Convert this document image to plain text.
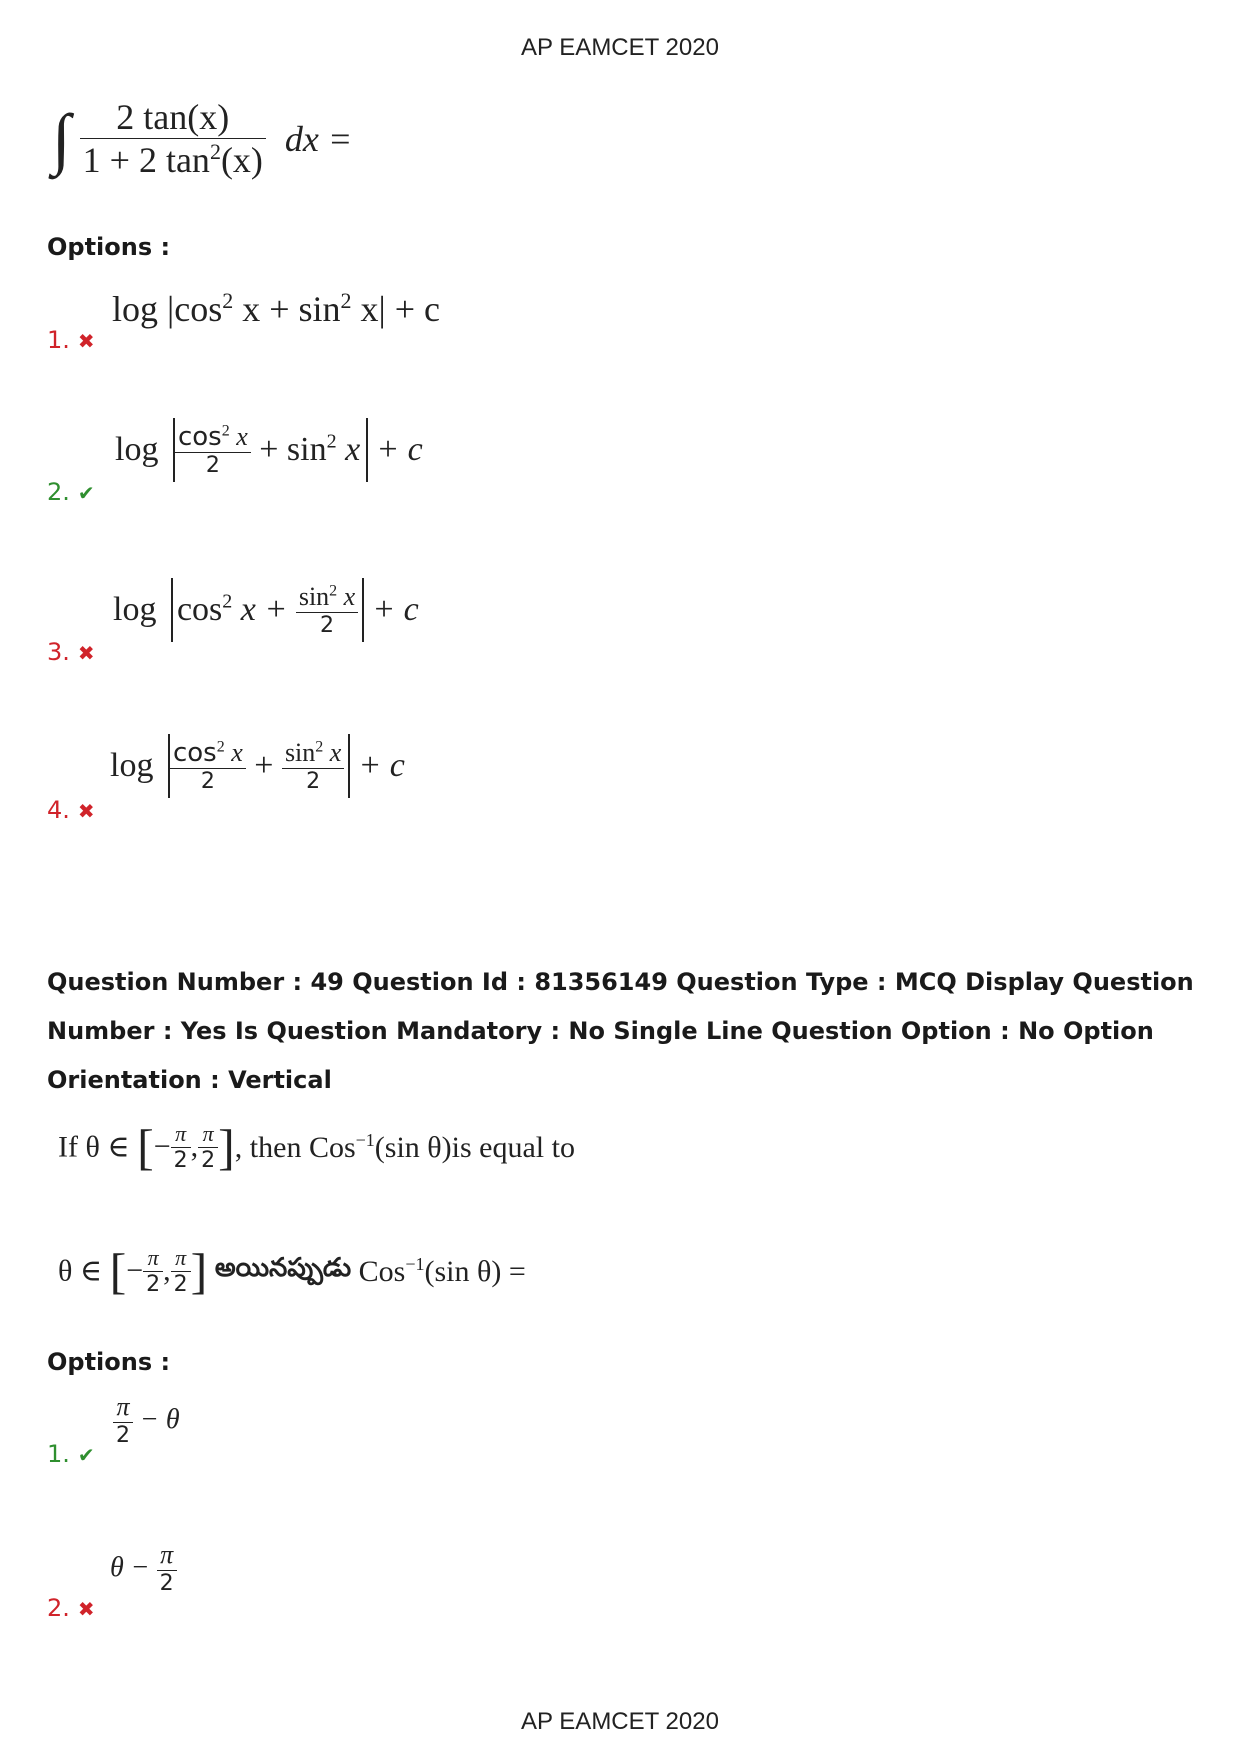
AP EAMCET 2020
∫ $\frac{2 \tan(x)}{1 + 2 \tan^2(x)}$ dx =
Options :
$\log |\cos^2$ $x + \sin^2 x| + c$
1. ✖
$\log \frac{\cos^2 x}{2} + \sin^2 x + c$
2. ✔
$\log \cos^2 x + \frac{\sin^2 x}{2} + c$
3. ✖
$\log \frac{\cos^2 x}{2} + \frac{\sin^2 x}{2} + c$
4. ✖
Question Number : 49 Question Id : 81356149 Question Type : MCQ Display Question Number : Yes Is Question Mandatory : No Single Line Question Option : No Option Orientation : Vertical
If θ ∈ [− $\frac{\pi}{2}$ , $\frac{\pi}{2}$ ], then Cos$^{-1}$(sin θ)is equal to
θ ∈ [− $\frac{\pi}{2}$ , $\frac{\pi}{2}$ ] అయినప్పుడు Cos$^{-1}$(sin θ) =
Options :
$\frac{\pi}{2} - \theta$
1. ✔
$\theta - \frac{\pi}{2}$
2. ✖
AP EAMCET 2020
